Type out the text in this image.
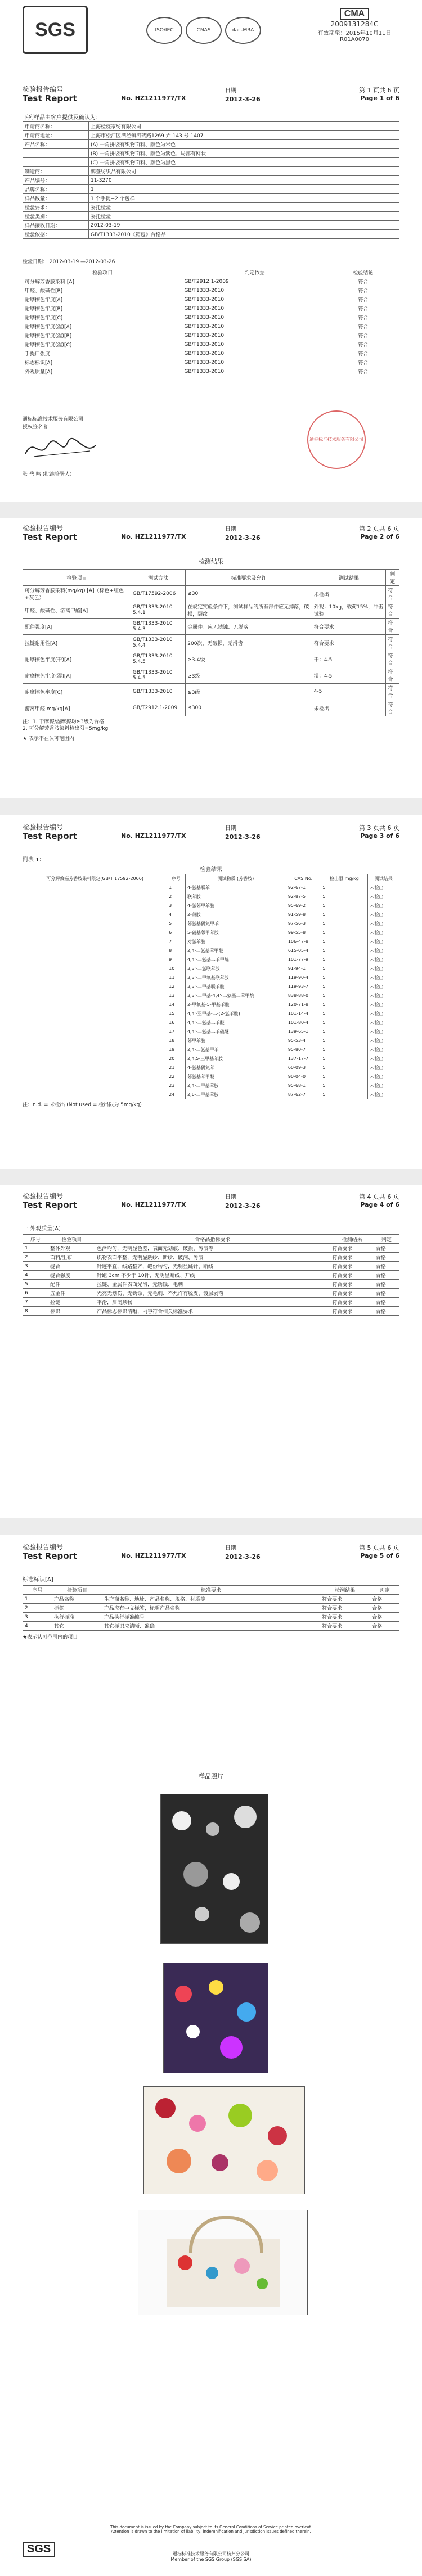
SGS	ISO/IEC	CNAS	ilac-MRA
CMA
2009131284C
有效期至：2015年10月11日
R01A0070
检验报告编号
Test Report	No. HZ1211977/TX
日期
2012-3-26
第 1 页共 6 页
Page 1 of 6
下列样品由客户提供及确认为：
申请商名称：	上海检疫家纺有限公司
申请商地址：	上海市松江区泗泾镇泗砖路1269 弄 143 号 1407
产品名称：	(A) 一角拼袋有织物面料、颜色为米色
	(B) 一角拼袋有织物面料、颜色为紫色、局部有网状
	(C) 一角拼袋有织物面料、颜色为黑色
制造商：	鹏登纺织品有限公司
产品编号：	11-3270
品牌名称：	1
样品数量：	1 个手提+2 个包样
检验要求：	委托检验
检验类别：	委托检验
样品接收日期：	2012-03-19
检验依据：	GB/T1333-2010《箱包》合格品
检验日期： 2012-03-19 —2012-03-26
检验项目	判定依据	检验结论
可分解芳香胺染料 [A]	GB/T2912.1-2009	符合
甲醛、酸碱性[B]	GB/T1333-2010	符合
耐摩擦色牢度[A]	GB/T1333-2010	符合
耐摩擦色牢度[B]	GB/T1333-2010	符合
耐摩擦色牢度[C]	GB/T1333-2010	符合
耐摩擦色牢度(湿)[A]	GB/T1333-2010	符合
耐摩擦色牢度(湿)[B]	GB/T1333-2010	符合
耐摩擦色牢度(湿)[C]	GB/T1333-2010	符合
手提口强度	GB/T1333-2010	符合
标志标识[A]	GB/T1333-2010	符合
外观质量[A]	GB/T1333-2010	符合
通标标准技术服务有限公司
授权签名者
张 岳 鸣 (批准签署人)
通标标准技术服务有限公司
检验报告编号
Test Report	No. HZ1211977/TX
日期
2012-3-26
第 2 页共 6 页
Page 2 of 6
检测结果
检验项目	测试方法	标准要求及允许	测试结果	判定
可分解芳香胺染料(mg/kg) [A]（棕色+红色+灰色）	GB/T17592-2006	≤30	未检出	符合
甲醛、酸碱性、游离甲醛[A]	GB/T1333-2010 5.4.1	在规定实验条件下，测试样品的所有部件应无掉落，破损，裂纹	外观：10kg，载荷15%，冲击试验	符合
配件强度[A]	GB/T1333-2010 5.4.3	金属件：应无锈蚀、无脱落	符合要求	符合
拉链耐用性[A]	GB/T1333-2010 5.4.4	200次，无破损，无滑齿	符合要求	符合
耐摩擦色牢度(干)[A]	GB/T1333-2010 5.4.5	≥3-4级	干：4-5	符合
耐摩擦色牢度(湿)[A]	GB/T1333-2010 5.4.5	≥3级	湿：4-5	符合
耐摩擦色牢度[C]	GB/T1333-2010	≥3级	4-5	符合
游离甲醛 mg/kg[A]	GB/T2912.1-2009	≤300	未检出	符合
注：1. 干摩擦/湿摩擦均≥3级为合格
2. 可分解芳香胺染料检出限=5mg/kg
★ 表示不在认可范围内
检验报告编号
Test Report	No. HZ1211977/TX
日期
2012-3-26
第 3 页共 6 页
Page 3 of 6
附表 1：
检验结果
可分解致癌芳香胺染料限定(GB/T 17592-2006)	序号	测试物质 (芳香胺)	CAS No.	检出限 mg/kg	测试结果
	1	4-氨基联苯	92-67-1	5	未检出
	2	联苯胺	92-87-5	5	未检出
	3	4-氯邻甲苯胺	95-69-2	5	未检出
	4	2-萘胺	91-59-8	5	未检出
	5	邻氨基偶氮甲苯	97-56-3	5	未检出
	6	5-硝基邻甲苯胺	99-55-8	5	未检出
	7	对氯苯胺	106-47-8	5	未检出
	8	2,4-二氨基苯甲醚	615-05-4	5	未检出
	9	4,4'-二氨基二苯甲烷	101-77-9	5	未检出
	10	3,3'-二氯联苯胺	91-94-1	5	未检出
	11	3,3'-二甲氧基联苯胺	119-90-4	5	未检出
	12	3,3'-二甲基联苯胺	119-93-7	5	未检出
	13	3,3'-二甲基-4,4'-二氨基二苯甲烷	838-88-0	5	未检出
	14	2-甲氧基-5-甲基苯胺	120-71-8	5	未检出
	15	4,4'-亚甲基-二-(2-氯苯胺)	101-14-4	5	未检出
	16	4,4'-二氨基二苯醚	101-80-4	5	未检出
	17	4,4'-二氨基二苯硫醚	139-65-1	5	未检出
	18	邻甲苯胺	95-53-4	5	未检出
	19	2,4-二氨基甲苯	95-80-7	5	未检出
	20	2,4,5-三甲基苯胺	137-17-7	5	未检出
	21	4-氨基偶氮苯	60-09-3	5	未检出
	22	邻氨基苯甲醚	90-04-0	5	未检出
	23	2,4-二甲基苯胺	95-68-1	5	未检出
	24	2,6-二甲基苯胺	87-62-7	5	未检出
注：n.d. = 未检出 (Not used = 检出限为 5mg/kg)
检验报告编号
Test Report	No. HZ1211977/TX
日期
2012-3-26
第 4 页共 6 页
Page 4 of 6
一 外观质量[A]
序号	检验项目	合格品指标要求	检测结果	判定
1	整体外观	色泽均匀，无明显色差，表面无划痕、破损、污渍等	符合要求	合格
2	面料/里布	织物表面平整，无明显跳纱、断纱、破洞、污渍	符合要求	合格
3	缝合	针迹平直，线路整齐，缝份均匀，无明显跳针、断线	符合要求	合格
4	缝合强度	针距 3cm 不少于 10针，无明显断线、开线	符合要求	合格
5	配件	拉链、金属件表面光滑，无锈蚀、毛刺	符合要求	合格
6	五金件	光亮无划伤、无锈蚀、无毛刺、不允许有脱皮、镀层剥落	符合要求	合格
7	拉链	平滑，启闭顺畅	符合要求	合格
8	标识	产品标志标识清晰，内容符合相关标准要求	符合要求	合格
检验报告编号
Test Report	No. HZ1211977/TX
日期
2012-3-26
第 5 页共 6 页
Page 5 of 6
标志标识[A]
序号	检验项目	标准要求	检测结果	判定
1	产品名称	生产商名称、地址、产品名称、规格、材质等	符合要求	合格
2	标签	产品应有中文标签，标明产品名称	符合要求	合格
3	执行标准	产品执行标准编号	符合要求	合格
4	其它	其它标识应清晰、准确	符合要求	合格
★表示认可范围内的项目
样品照片
This document is issued by the Company subject to its General Conditions of Service printed overleaf.
Attention is drawn to the limitation of liability, indemnification and jurisdiction issues defined therein.
SGS	通标标准技术服务有限公司杭州分公司
Member of the SGS Group (SGS SA)
